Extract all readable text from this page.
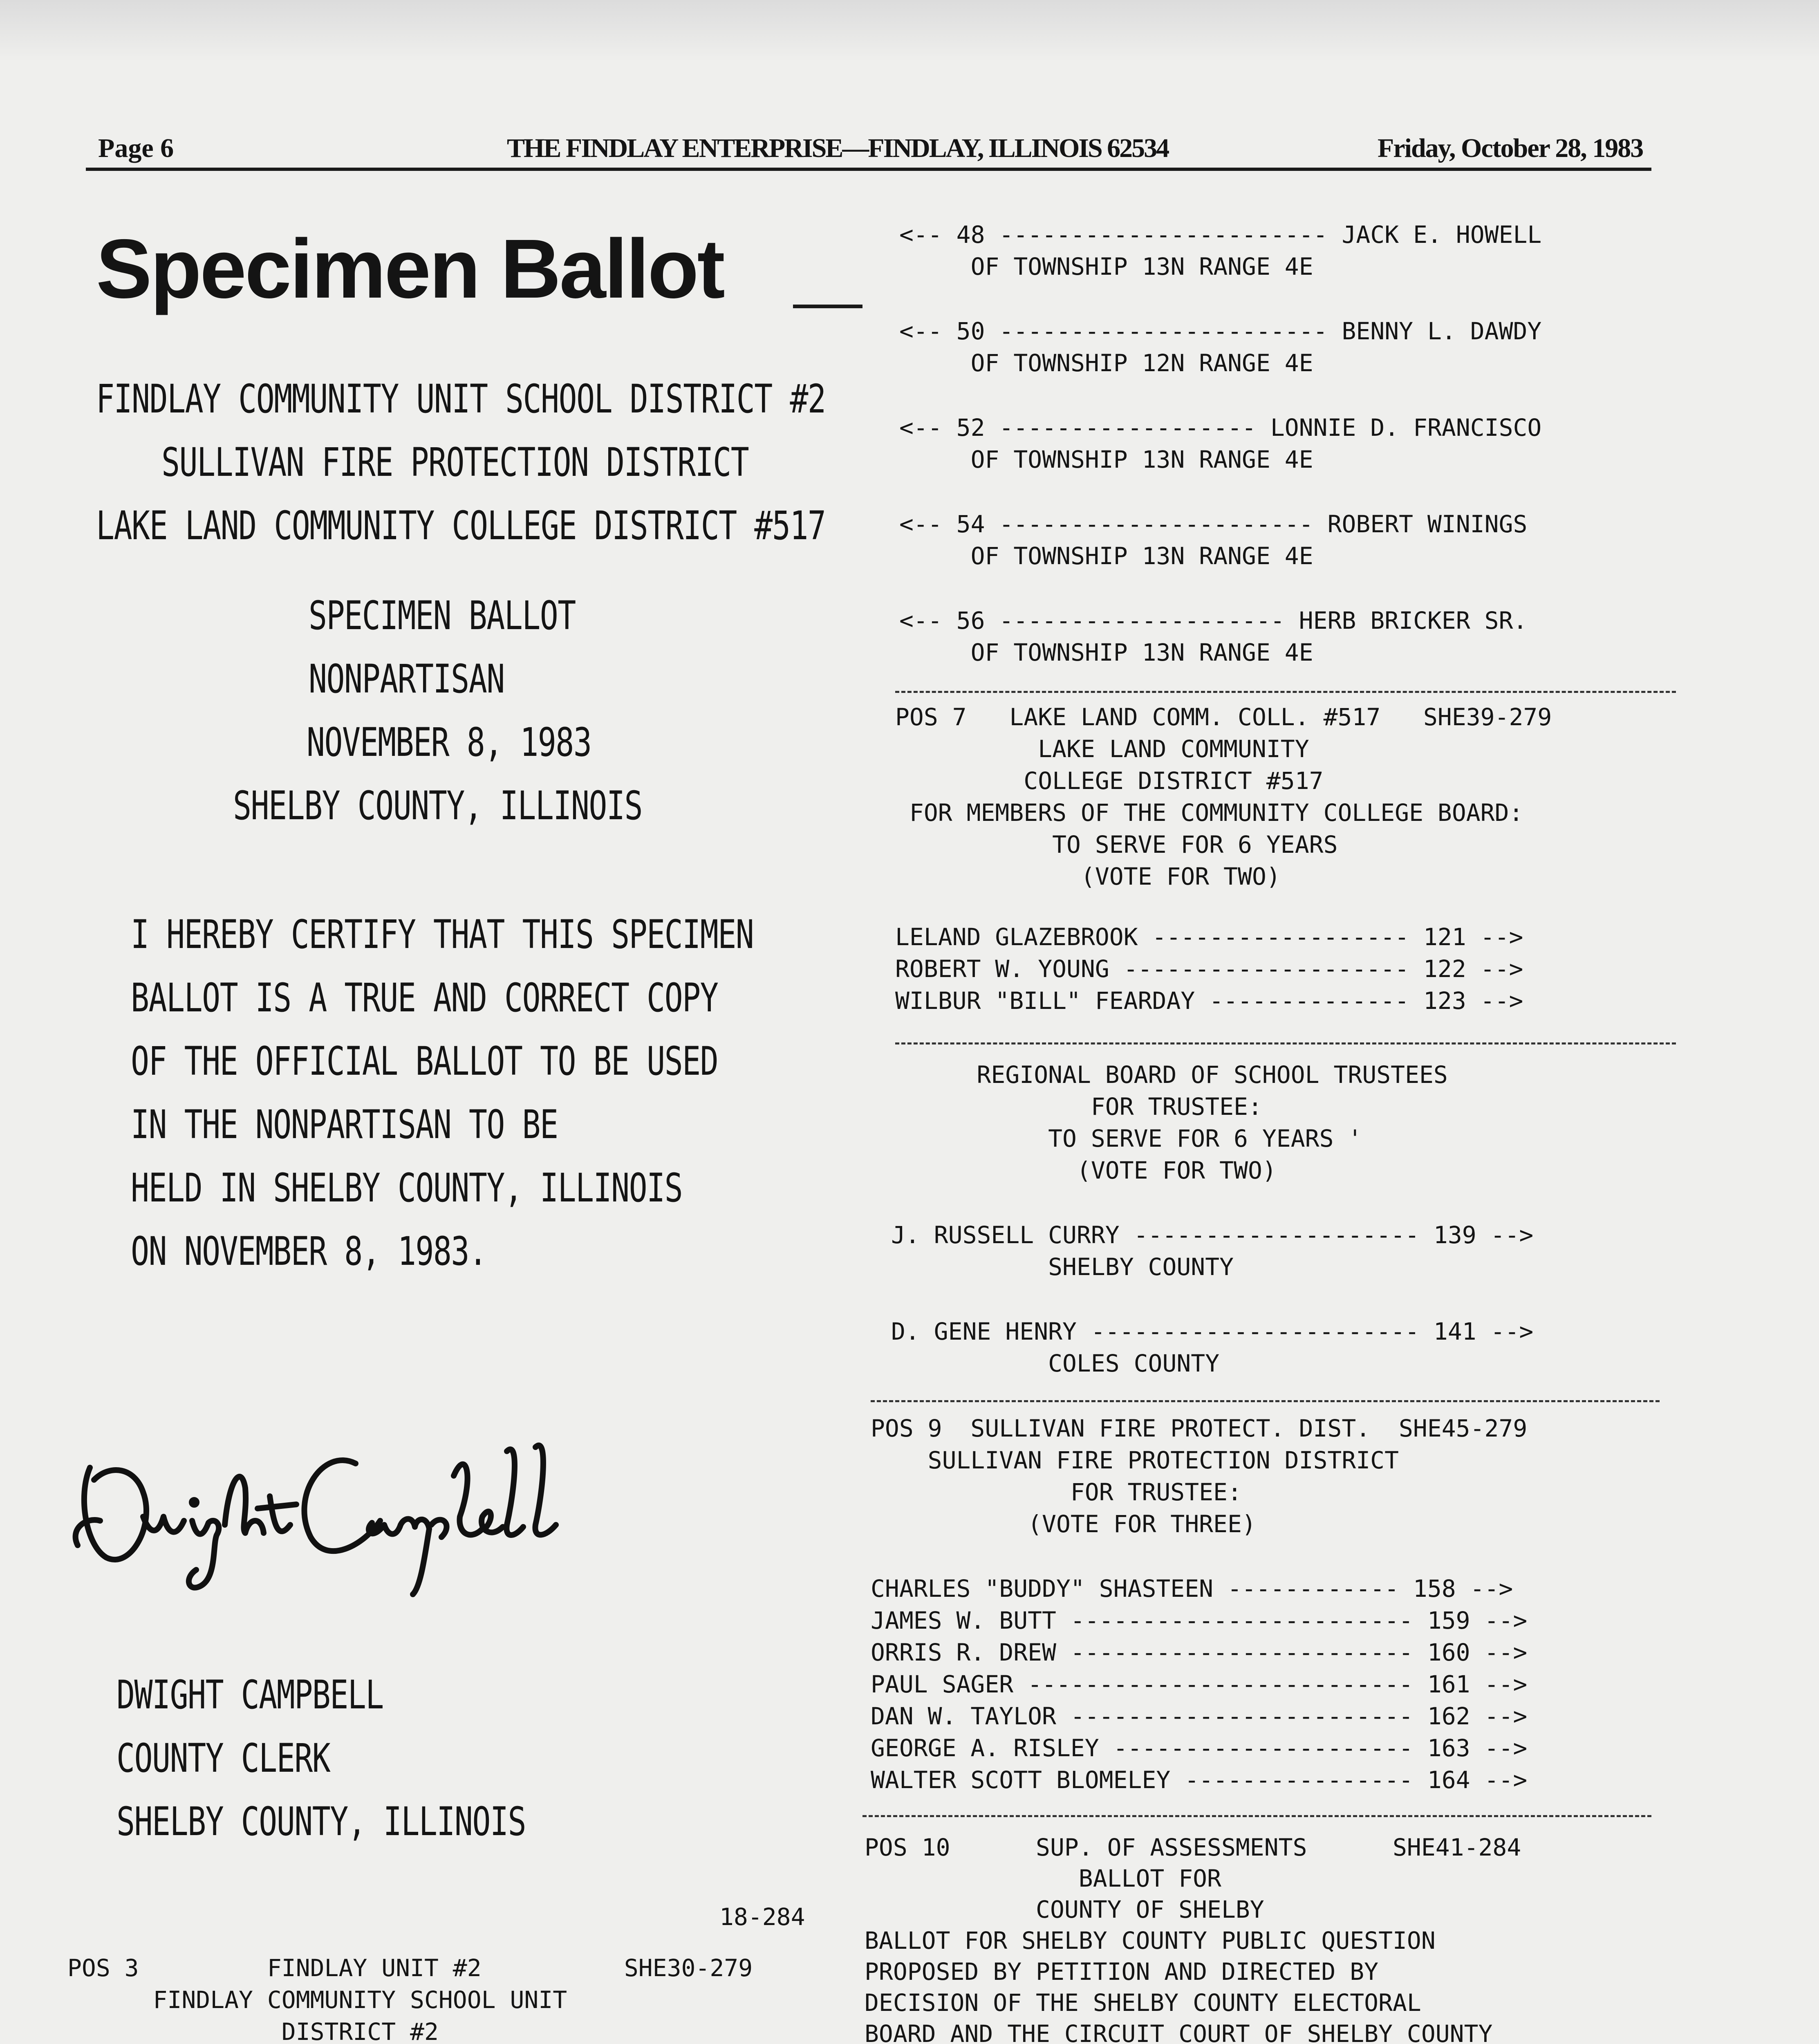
Page 6	THE FINDLAY ENTERPRISE—FINDLAY, ILLINOIS 62534	Friday, October 28, 1983
Specimen Ballot
FINDLAY COMMUNITY UNIT SCHOOL DISTRICT #2
SULLIVAN FIRE PROTECTION DISTRICT
LAKE LAND COMMUNITY COLLEGE DISTRICT #517
SPECIMEN BALLOT
NONPARTISAN
NOVEMBER 8, 1983
SHELBY COUNTY, ILLINOIS
I HEREBY CERTIFY THAT THIS SPECIMEN
BALLOT IS A TRUE AND CORRECT COPY
OF THE OFFICIAL BALLOT TO BE USED
IN THE NONPARTISAN TO BE
HELD IN SHELBY COUNTY, ILLINOIS
ON NOVEMBER 8, 1983.
DWIGHT CAMPBELL
COUNTY CLERK
SHELBY COUNTY, ILLINOIS
18-284
POS 3         FINDLAY UNIT #2          SHE30-279
FINDLAY COMMUNITY SCHOOL UNIT
DISTRICT #2
<-- 48 ----------------------- JACK E. HOWELL
OF TOWNSHIP 13N RANGE 4E
<-- 50 ----------------------- BENNY L. DAWDY
OF TOWNSHIP 12N RANGE 4E
<-- 52 ------------------ LONNIE D. FRANCISCO
OF TOWNSHIP 13N RANGE 4E
<-- 54 ---------------------- ROBERT WININGS
OF TOWNSHIP 13N RANGE 4E
<-- 56 -------------------- HERB BRICKER SR.
OF TOWNSHIP 13N RANGE 4E
POS 7   LAKE LAND COMM. COLL. #517   SHE39-279
LAKE LAND COMMUNITY
COLLEGE DISTRICT #517
FOR MEMBERS OF THE COMMUNITY COLLEGE BOARD:
TO SERVE FOR 6 YEARS
(VOTE FOR TWO)
LELAND GLAZEBROOK ------------------ 121 -->
ROBERT W. YOUNG -------------------- 122 -->
WILBUR "BILL" FEARDAY -------------- 123 -->
REGIONAL BOARD OF SCHOOL TRUSTEES
FOR TRUSTEE:
TO SERVE FOR 6 YEARS '
(VOTE FOR TWO)
J. RUSSELL CURRY -------------------- 139 -->
SHELBY COUNTY
D. GENE HENRY ----------------------- 141 -->
COLES COUNTY
POS 9  SULLIVAN FIRE PROTECT. DIST.  SHE45-279
SULLIVAN FIRE PROTECTION DISTRICT
FOR TRUSTEE:
(VOTE FOR THREE)
CHARLES "BUDDY" SHASTEEN ------------ 158 -->
JAMES W. BUTT ------------------------ 159 -->
ORRIS R. DREW ------------------------ 160 -->
PAUL SAGER --------------------------- 161 -->
DAN W. TAYLOR ------------------------ 162 -->
GEORGE A. RISLEY --------------------- 163 -->
WALTER SCOTT BLOMELEY ---------------- 164 -->
POS 10      SUP. OF ASSESSMENTS      SHE41-284
BALLOT FOR
COUNTY OF SHELBY
BALLOT FOR SHELBY COUNTY PUBLIC QUESTION
PROPOSED BY PETITION AND DIRECTED BY
DECISION OF THE SHELBY COUNTY ELECTORAL
BOARD AND THE CIRCUIT COURT OF SHELBY COUNTY
